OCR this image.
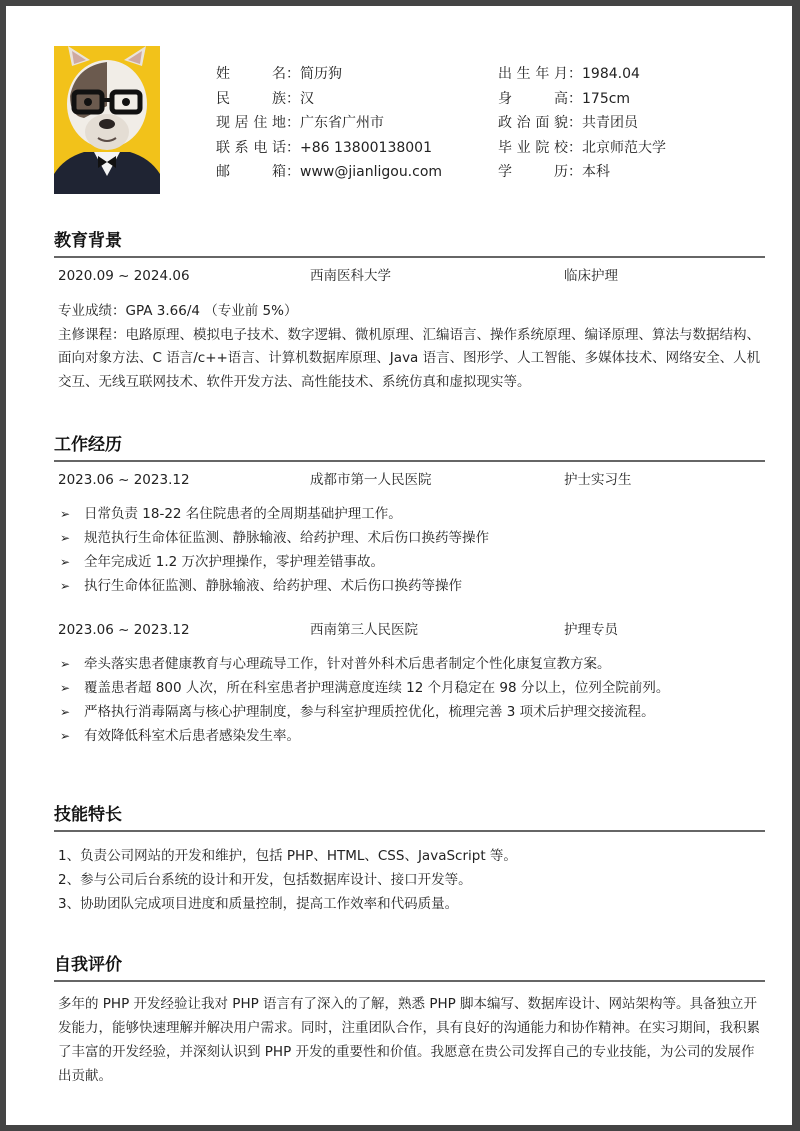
姓 名：简历狗
民 族：汉
现居住地：广东省广州市
联系电话：+86 13800138001
邮 箱：www@jianligou.com
出生年月：1984.04
身 高：175cm
政治面貌：共青团员
毕业院校：北京师范大学
学 历：本科
教育背景
2020.09 ~ 2024.06	西南医科大学	临床护理
专业成绩：GPA 3.66/4 （专业前 5%）
主修课程：电路原理、模拟电子技术、数字逻辑、微机原理、汇编语言、操作系统原理、编译原理、算法与数据结构、面向对象方法、C 语言/c++语言、计算机数据库原理、Java 语言、图形学、人工智能、多媒体技术、网络安全、人机交互、无线互联网技术、软件开发方法、高性能技术、系统仿真和虚拟现实等。
工作经历
2023.06 ~ 2023.12	成都市第一人民医院	护士实习生
➢ 日常负责 18-22 名住院患者的全周期基础护理工作。
➢ 规范执行生命体征监测、静脉输液、给药护理、术后伤口换药等操作
➢ 全年完成近 1.2 万次护理操作，零护理差错事故。
➢ 执行生命体征监测、静脉输液、给药护理、术后伤口换药等操作
2023.06 ~ 2023.12	西南第三人民医院	护理专员
➢ 牵头落实患者健康教育与心理疏导工作，针对普外科术后患者制定个性化康复宣教方案。
➢ 覆盖患者超 800 人次，所在科室患者护理满意度连续 12 个月稳定在 98 分以上，位列全院前列。
➢ 严格执行消毒隔离与核心护理制度，参与科室护理质控优化，梳理完善 3 项术后护理交接流程。
➢ 有效降低科室术后患者感染发生率。
技能特长
1、负责公司网站的开发和维护，包括 PHP、HTML、CSS、JavaScript 等。
2、参与公司后台系统的设计和开发，包括数据库设计、接口开发等。
3、协助团队完成项目进度和质量控制，提高工作效率和代码质量。
自我评价
多年的 PHP 开发经验让我对 PHP 语言有了深入的了解，熟悉 PHP 脚本编写、数据库设计、网站架构等。具备独立开发能力，能够快速理解并解决用户需求。同时，注重团队合作，具有良好的沟通能力和协作精神。在实习期间，我积累了丰富的开发经验，并深刻认识到 PHP 开发的重要性和价值。我愿意在贵公司发挥自己的专业技能，为公司的发展作出贡献。
